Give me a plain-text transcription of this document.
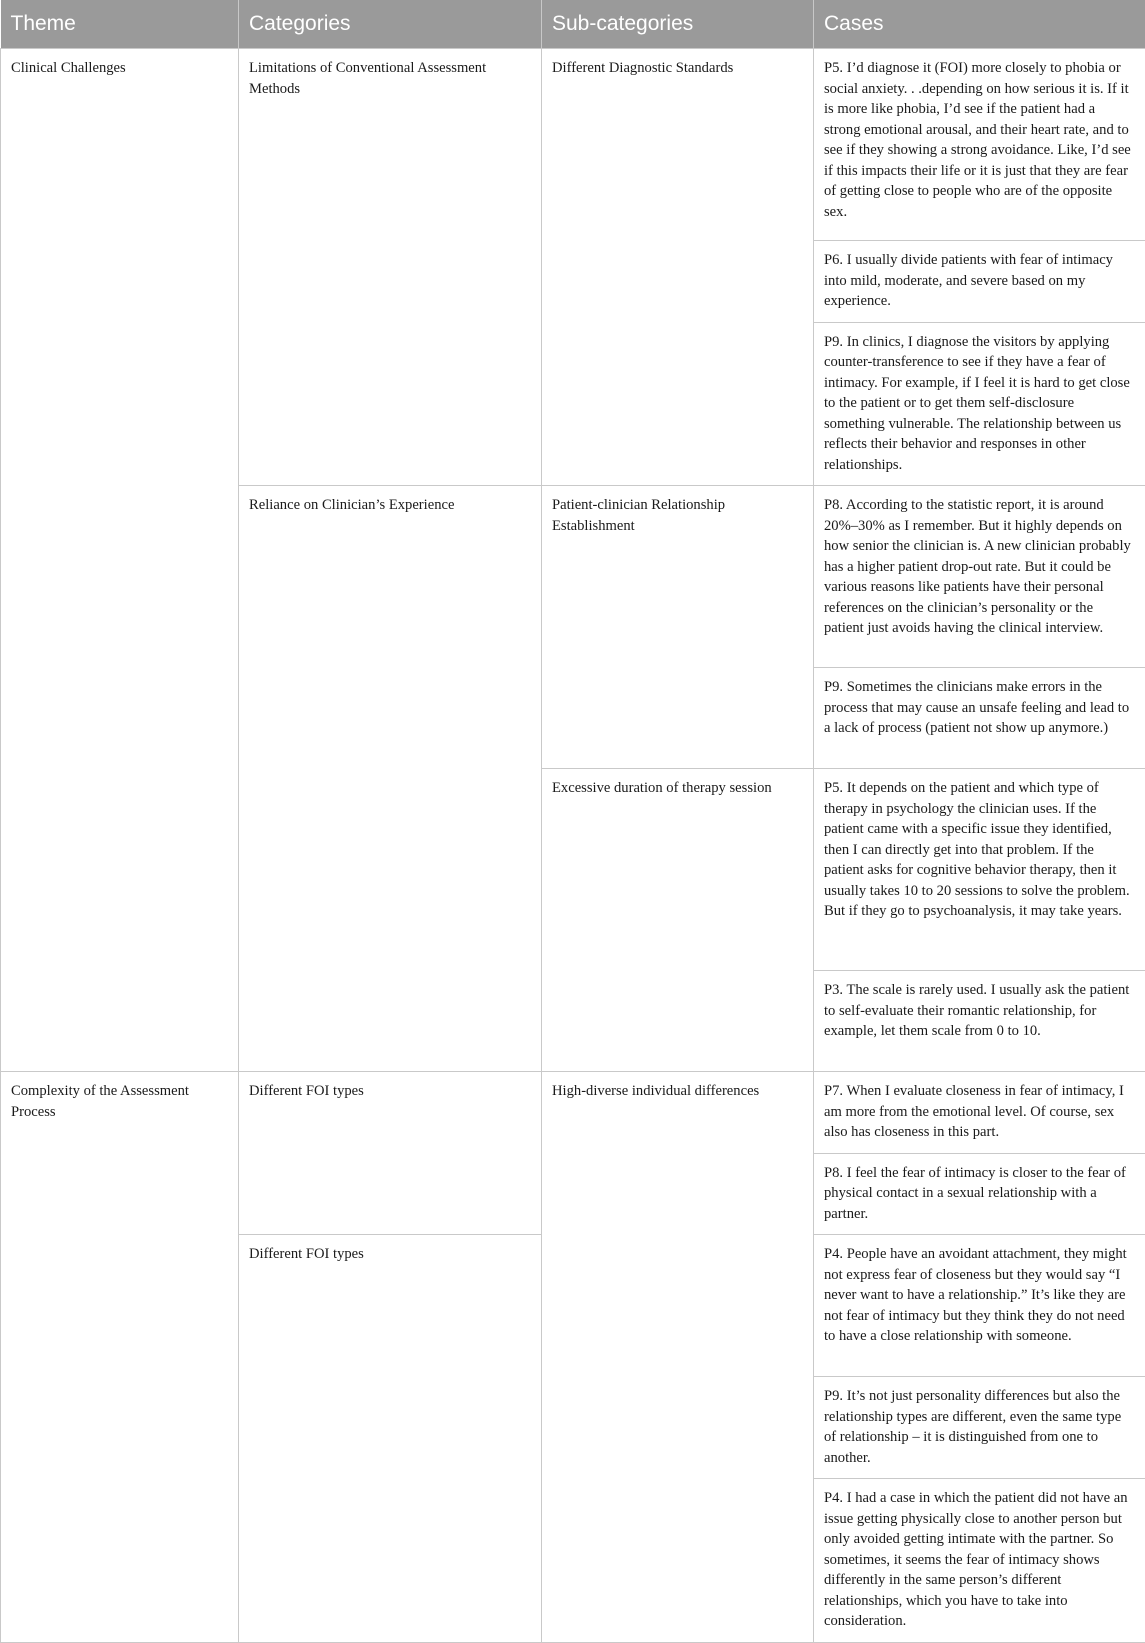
Theme	Categories	Sub-categories	Cases
Clinical Challenges	Limitations of Conventional Assessment Methods	Different Diagnostic Standards	P5. I’d diagnose it (FOI) more closely to phobia or social anxiety. . .depending on how serious it is. If it is more like phobia, I’d see if the patient had a strong emotional arousal, and their heart rate, and to see if they showing a strong avoidance. Like, I’d see if this impacts their life or it is just that they are fear of getting close to people who are of the opposite sex.
			P6. I usually divide patients with fear of intimacy into mild, moderate, and severe based on my experience.
			P9. In clinics, I diagnose the visitors by applying counter-transference to see if they have a fear of intimacy. For example, if I feel it is hard to get close to the patient or to get them self-disclosure something vulnerable. The relationship between us reflects their behavior and responses in other relationships.
	Reliance on Clinician’s Experience	Patient-clinician Relationship Establishment	P8. According to the statistic report, it is around 20%–30% as I remember. But it highly depends on how senior the clinician is. A new clinician probably has a higher patient drop-out rate. But it could be various reasons like patients have their personal references on the clinician’s personality or the patient just avoids having the clinical interview.
			P9. Sometimes the clinicians make errors in the process that may cause an unsafe feeling and lead to a lack of process (patient not show up anymore.)
		Excessive duration of therapy session	P5. It depends on the patient and which type of therapy in psychology the clinician uses. If the patient came with a specific issue they identified, then I can directly get into that problem. If the patient asks for cognitive behavior therapy, then it usually takes 10 to 20 sessions to solve the problem. But if they go to psychoanalysis, it may take years.
			P3. The scale is rarely used. I usually ask the patient to self-evaluate their romantic relationship, for example, let them scale from 0 to 10.
Complexity of the Assessment Process	Different FOI types	High-diverse individual differences	P7. When I evaluate closeness in fear of intimacy, I am more from the emotional level. Of course, sex also has closeness in this part.
			P8. I feel the fear of intimacy is closer to the fear of physical contact in a sexual relationship with a partner.
	Different FOI types		P4. People have an avoidant attachment, they might not express fear of closeness but they would say “I never want to have a relationship.” It’s like they are not fear of intimacy but they think they do not need to have a close relationship with someone.
			P9. It’s not just personality differences but also the relationship types are different, even the same type of relationship – it is distinguished from one to another.
			P4. I had a case in which the patient did not have an issue getting physically close to another person but only avoided getting intimate with the partner. So sometimes, it seems the fear of intimacy shows differently in the same person’s different relationships, which you have to take into consideration.
